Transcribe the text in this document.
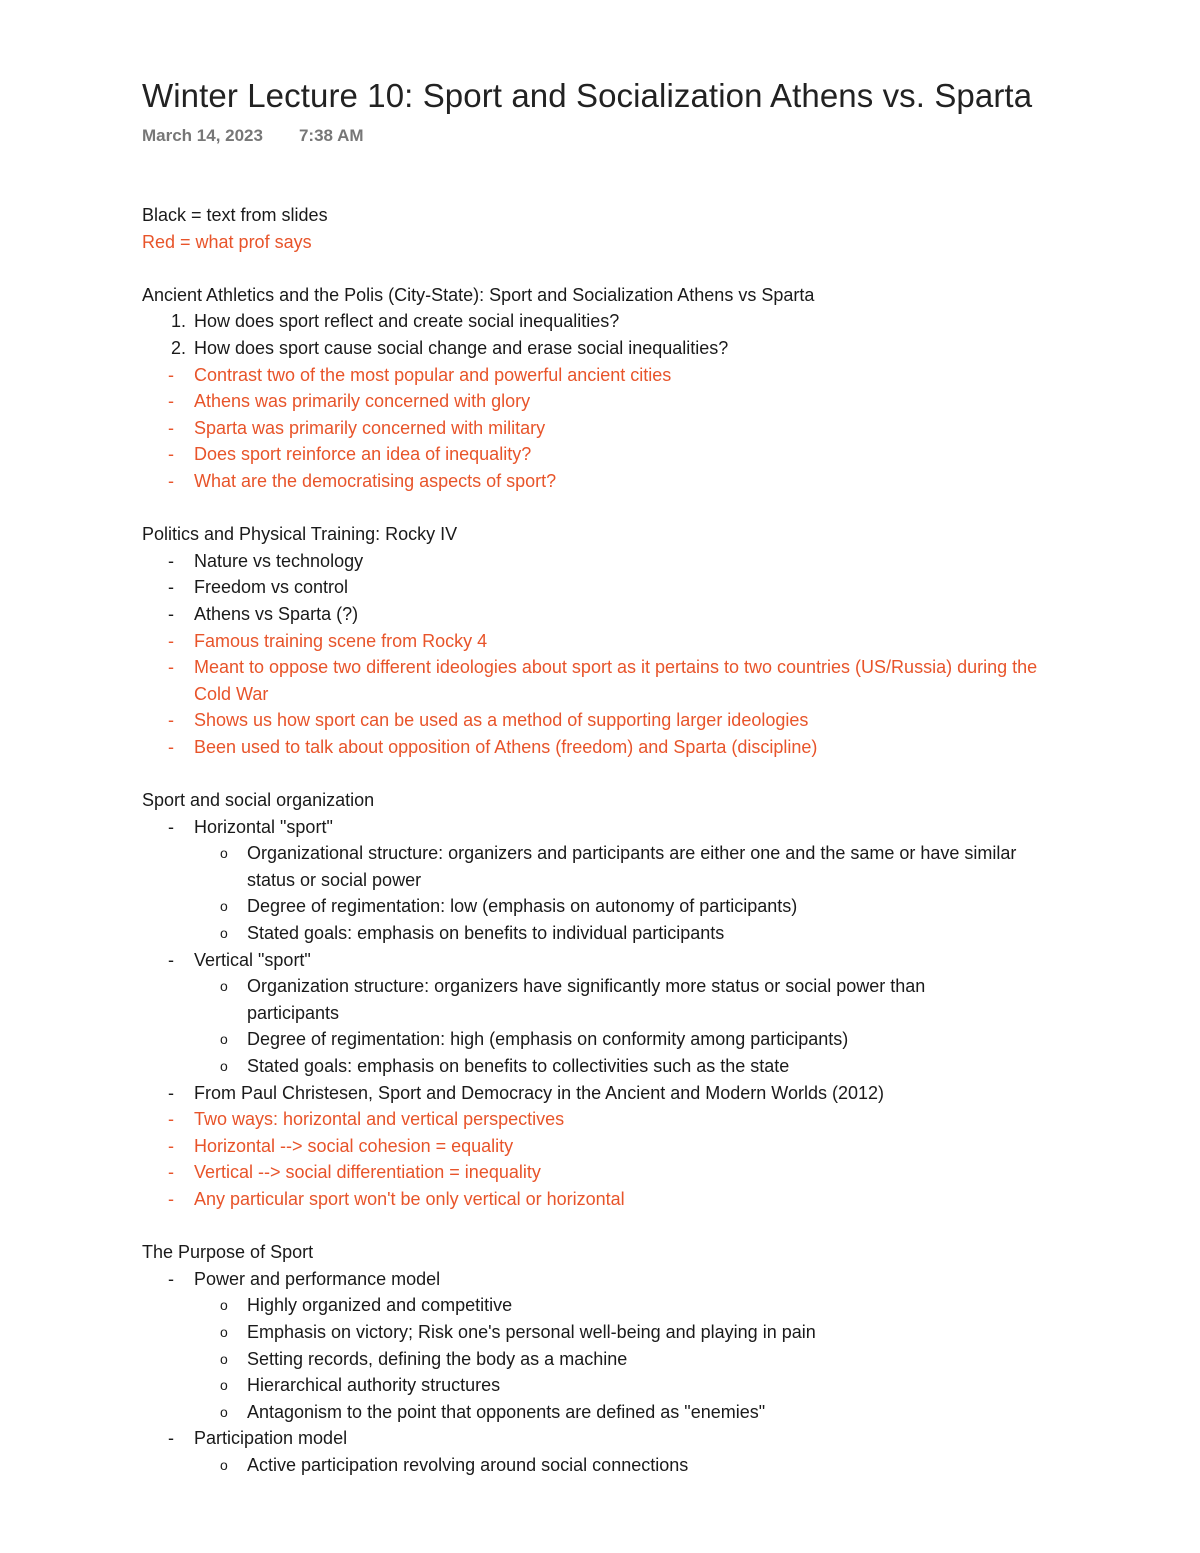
Winter Lecture 10: Sport and Socialization Athens vs. Sparta
March 14, 2023 7:38 AM
Black = text from slides
Red = what prof says
Ancient Athletics and the Polis (City-State): Sport and Socialization Athens vs Sparta
1. How does sport reflect and create social inequalities?
2. How does sport cause social change and erase social inequalities?
- Contrast two of the most popular and powerful ancient cities
- Athens was primarily concerned with glory
- Sparta was primarily concerned with military
- Does sport reinforce an idea of inequality?
- What are the democratising aspects of sport?
Politics and Physical Training: Rocky IV
- Nature vs technology
- Freedom vs control
- Athens vs Sparta (?)
- Famous training scene from Rocky 4
- Meant to oppose two different ideologies about sport as it pertains to two countries (US/Russia) during the Cold War
- Shows us how sport can be used as a method of supporting larger ideologies
- Been used to talk about opposition of Athens (freedom) and Sparta (discipline)
Sport and social organization
- Horizontal "sport"
o Organizational structure: organizers and participants are either one and the same or have similar status or social power
o Degree of regimentation: low (emphasis on autonomy of participants)
o Stated goals: emphasis on benefits to individual participants
- Vertical "sport"
o Organization structure: organizers have significantly more status or social power than participants
o Degree of regimentation: high (emphasis on conformity among participants)
o Stated goals: emphasis on benefits to collectivities such as the state
- From Paul Christesen, Sport and Democracy in the Ancient and Modern Worlds (2012)
- Two ways: horizontal and vertical perspectives
- Horizontal --> social cohesion = equality
- Vertical --> social differentiation = inequality
- Any particular sport won't be only vertical or horizontal
The Purpose of Sport
- Power and performance model
o Highly organized and competitive
o Emphasis on victory; Risk one's personal well-being and playing in pain
o Setting records, defining the body as a machine
o Hierarchical authority structures
o Antagonism to the point that opponents are defined as "enemies"
- Participation model
o Active participation revolving around social connections
